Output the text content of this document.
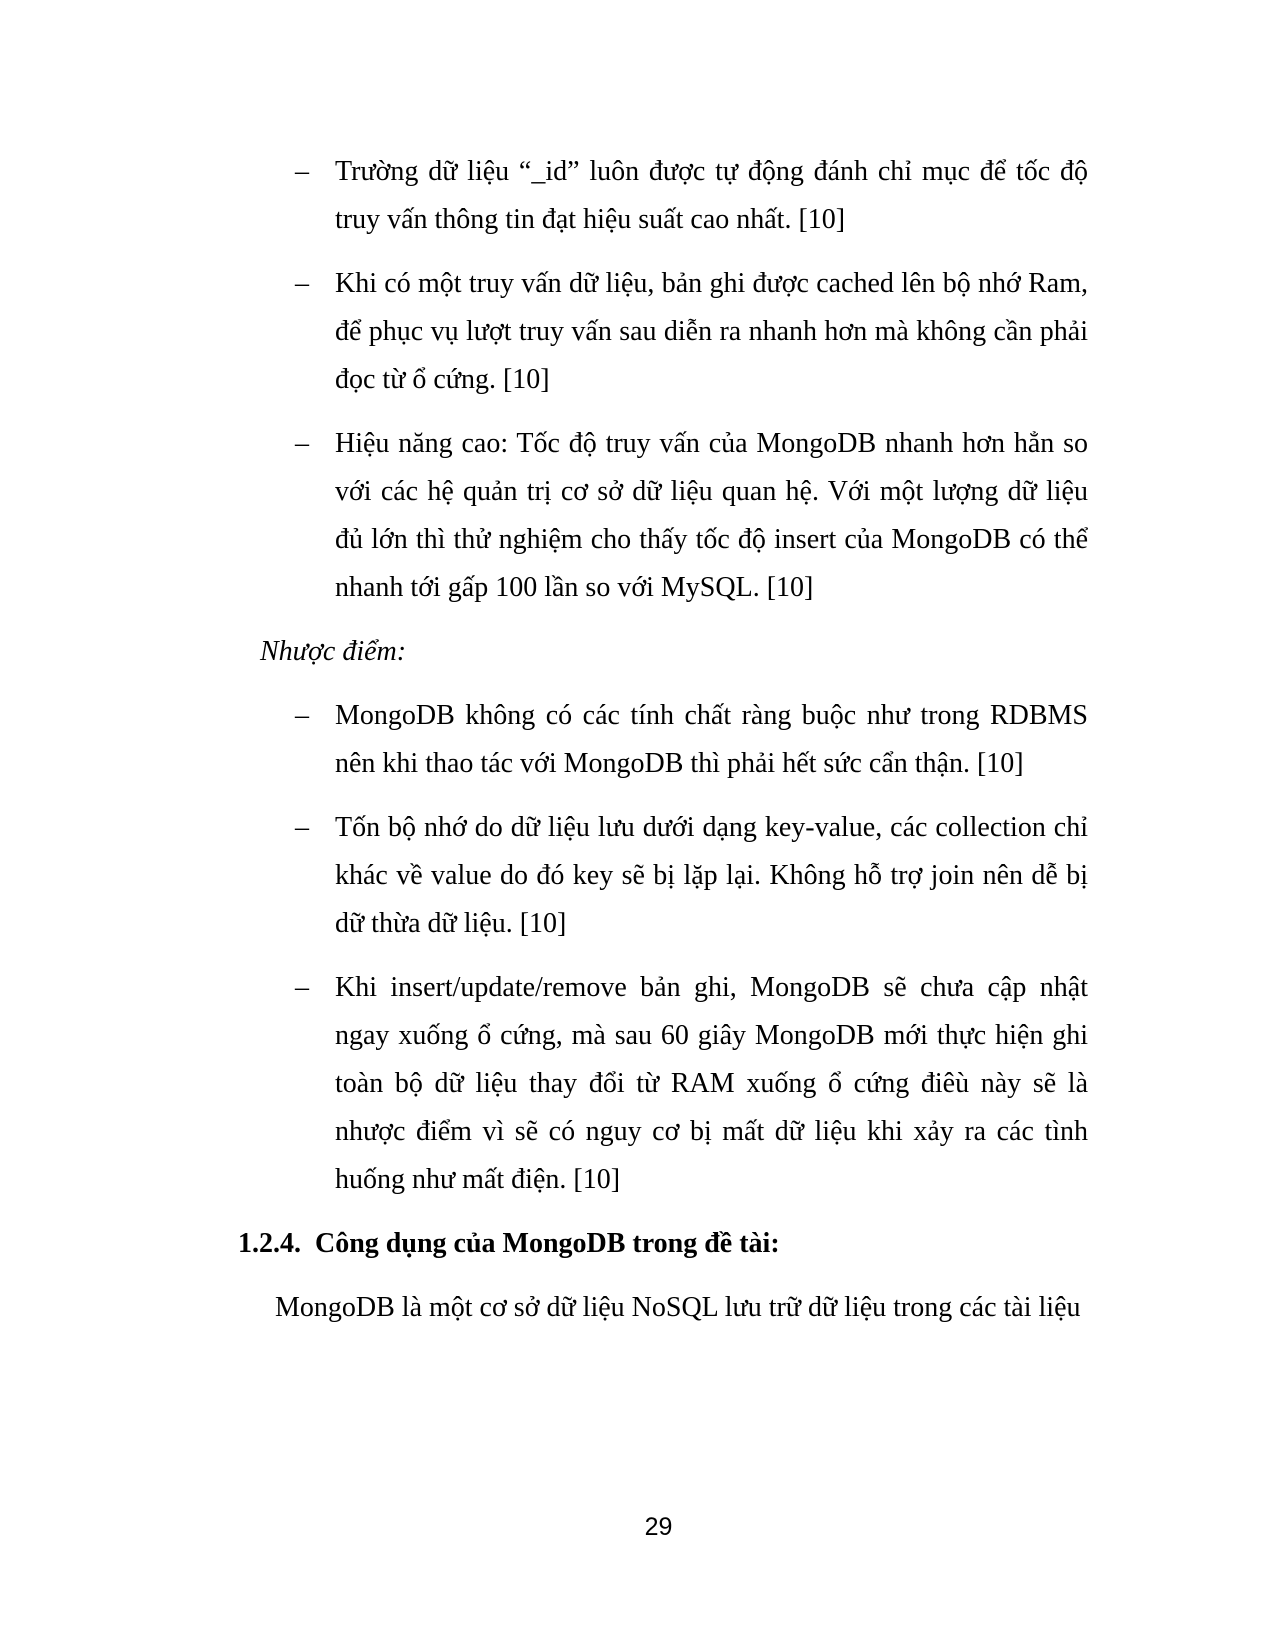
– Trường dữ liệu “_id” luôn được tự động đánh chỉ mục để tốc độ truy vấn thông tin đạt hiệu suất cao nhất. [10]
– Khi có một truy vấn dữ liệu, bản ghi được cached lên bộ nhớ Ram, để phục vụ lượt truy vấn sau diễn ra nhanh hơn mà không cần phải đọc từ ổ cứng. [10]
– Hiệu năng cao: Tốc độ truy vấn của MongoDB nhanh hơn hẳn so với các hệ quản trị cơ sở dữ liệu quan hệ. Với một lượng dữ liệu đủ lớn thì thử nghiệm cho thấy tốc độ insert của MongoDB có thể nhanh tới gấp 100 lần so với MySQL. [10]
Nhược điểm:
– MongoDB không có các tính chất ràng buộc như trong RDBMS nên khi thao tác với MongoDB thì phải hết sức cẩn thận. [10]
– Tốn bộ nhớ do dữ liệu lưu dưới dạng key-value, các collection chỉ khác về value do đó key sẽ bị lặp lại. Không hỗ trợ join nên dễ bị dữ thừa dữ liệu. [10]
– Khi insert/update/remove bản ghi, MongoDB sẽ chưa cập nhật ngay xuống ổ cứng, mà sau 60 giây MongoDB mới thực hiện ghi toàn bộ dữ liệu thay đổi từ RAM xuống ổ cứng điêù này sẽ là nhược điểm vì sẽ có nguy cơ bị mất dữ liệu khi xảy ra các tình huống như mất điện. [10]
1.2.4. Công dụng của MongoDB trong đề tài:
MongoDB là một cơ sở dữ liệu NoSQL lưu trữ dữ liệu trong các tài liệu
29
